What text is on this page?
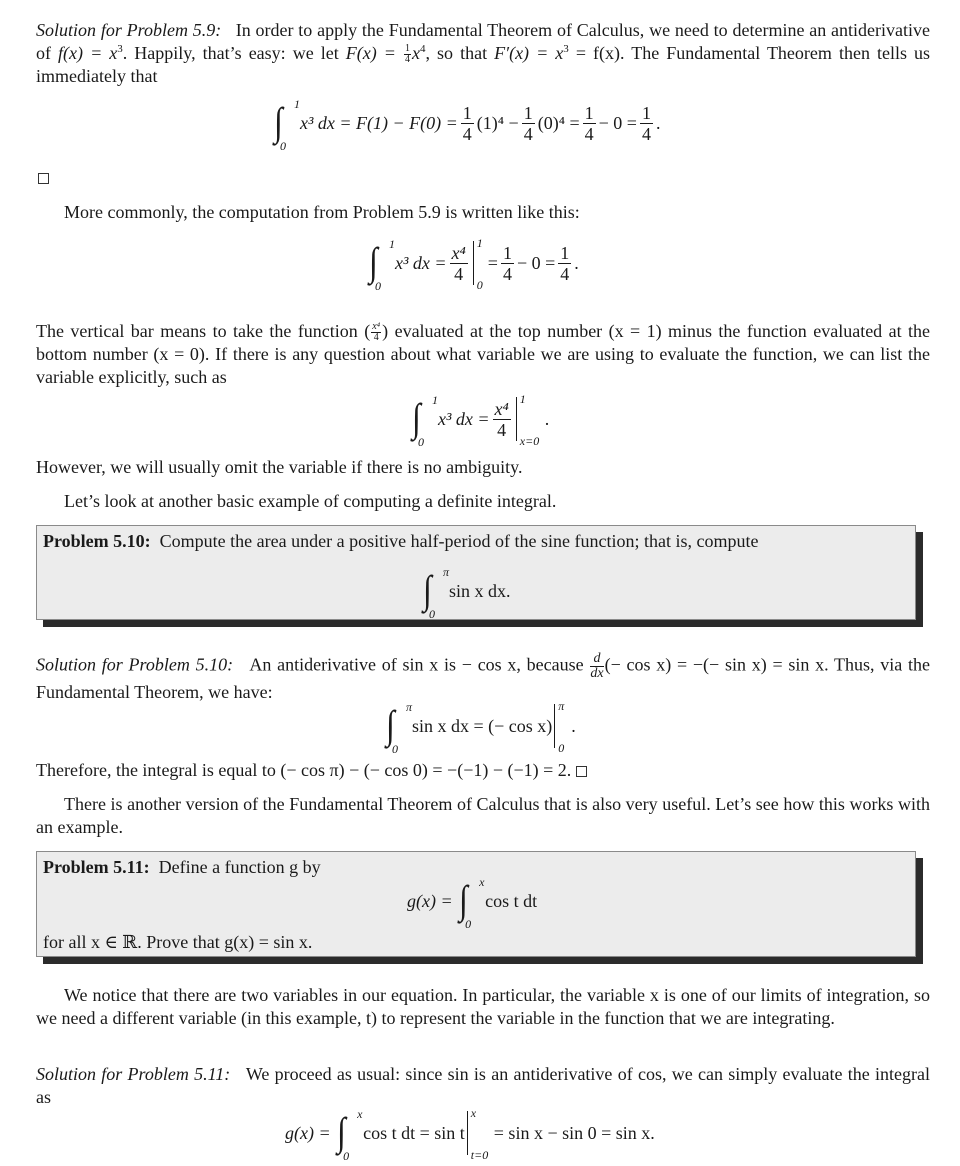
Solution for Problem 5.9: In order to apply the Fundamental Theorem of Calculus, we need to determine an antiderivative of $f(x) = x^3$. Happily, that’s easy: we let $F(x) = \frac{1}{4} x^4$, so that $F'(x) = x^3 = f(x)$. The Fundamental Theorem then tells us immediately that
∫ 1
0
x³ dx = $F(1) - F(0) = \frac{1}{4} (1)^4 - \frac{1}{4} (0)^4 = \frac{1}{4} - 0 = \frac{1}{4}$ .
More commonly, the computation from Problem 5.9 is written like this:
∫ 1
0
x³ dx = $\frac{\text{x⁴}}{4} 1$
0
= $\frac{1}{4} - 0 = \frac{1}{4}$ .
The vertical bar means to take the function ( $\frac{\text{x⁴}}{4}$ ) evaluated at the top number (x = 1) minus the function evaluated at the bottom number (x = 0). If there is any question about what variable we are using to evaluate the function, we can list the variable explicitly, such as
∫ 1
0
x³ dx = $\frac{\text{x⁴}}{4} 1$
x=0
.
However, we will usually omit the variable if there is no ambiguity.
Let’s look at another basic example of computing a definite integral.
Problem 5.10: Compute the area under a positive half-period of the sine function; that is, compute
∫ π
0
sin x dx.
Solution for Problem 5.10: An antiderivative of sin x is − cos x, because $\frac{d}{dx}$ (− cos x) = −(− sin x) = sin x. Thus, via the Fundamental Theorem, we have:
∫ π
0
sin x dx = (− cos x)
π
0
.
Therefore, the integral is equal to (− cos π) − (− cos 0) = −(−1) − (−1) = 2.
There is another version of the Fundamental Theorem of Calculus that is also very useful. Let’s see how this works with an example.
Problem 5.11: Define a function g by
g(x) =
∫ x
0
cos t dt
for all x ∈ ℝ. Prove that g(x) = sin x.
We notice that there are two variables in our equation. In particular, the variable x is one of our limits of integration, so we need a different variable (in this example, t) to represent the variable in the function that we are integrating.
Solution for Problem 5.11: We proceed as usual: since sin is an antiderivative of cos, we can simply evaluate the integral as
g(x) =
∫ x
0
cos t dt = sin t
x
t=0
= sin x − sin 0 = sin x.
